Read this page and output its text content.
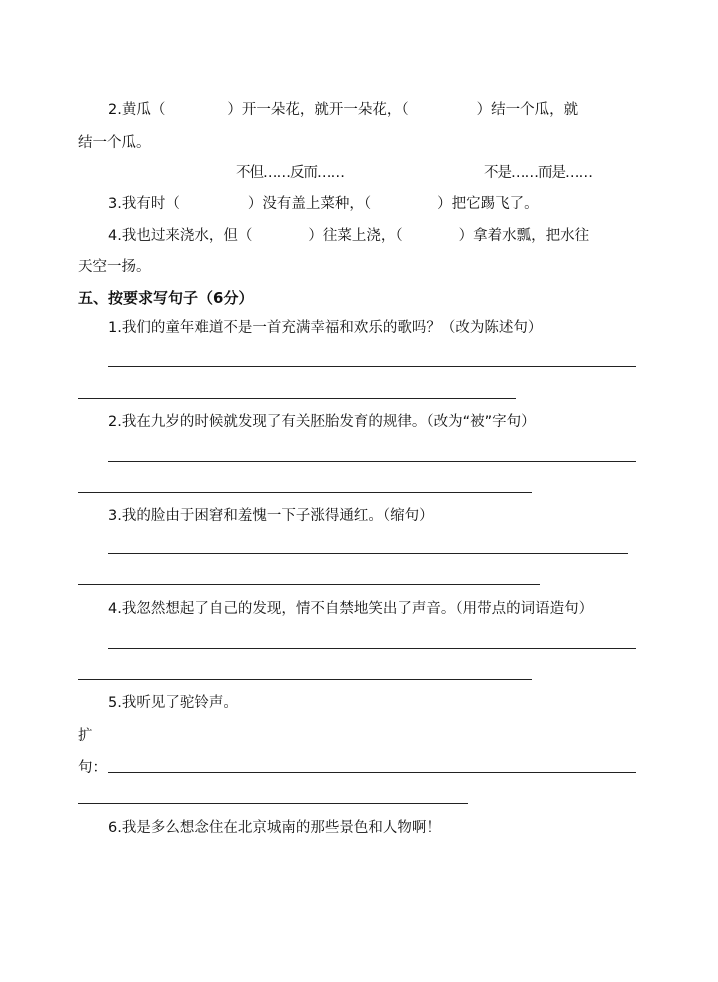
2.黄瓜（	）开一朵花，就开一朵花，（	）结一个瓜，就
结一个瓜。
不但……反而……	不是……而是……
3.我有时（	）没有盖上菜种，（	）把它踢飞了。
4.我也过来浇水，但（	）往菜上浇，（	）拿着水瓢，把水往
天空一扬。
五、按要求写句子（6分）
1.我们的童年难道不是一首充满幸福和欢乐的歌吗？（改为陈述句）
2.我在九岁的时候就发现了有关胚胎发育的规律。（改为“被”字句）
3.我的脸由于困窘和羞愧一下子涨得通红。（缩句）
4.我忽然想起了自己的发现，情不自禁地笑出了声音。（用带点的词语造句）
5.我听见了驼铃声。
扩
句：
6.我是多么想念住在北京城南的那些景色和人物啊！
